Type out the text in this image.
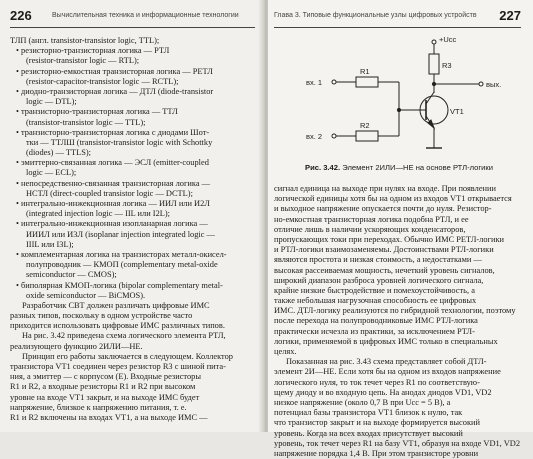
226	Вычислительная техника и информационные технологии
ТЛП (англ. transistor-transistor logic, TTL);
• резисторно-транзисторная логика — РТЛ
(resistor-transistor logic — RTL);
• резисторно-емкостная транзисторная логика — РЕТЛ
(resistor-capacitor-transistor logic — RCTL);
• диодно-транзисторная логика — ДТЛ (diode-transistor
logic — DTL);
• транзисторно-транзисторная логика — ТТЛ
(transistor-transistor logic — TTL);
• транзисторно-транзисторная логика с диодами Шот-
тки — ТТЛШ (transistor-transistor logic with Schottky
(diodes) — TTLS);
• эмиттерно-связанная логика — ЭСЛ (emitter-coupled
logic — ECL);
• непосредственно-связанная транзисторная логика —
НСТЛ (direct-coupled transistor logic — DCTL);
• интегрально-инжекционная логика — ИИЛ или И2Л
(integrated injection logic — IIL или I2L);
• интегрально-инжекционная изопланарная логика —
ИИИЛ или И3Л (isoplanar injection integrated logic —
IIIL или I3L);
• комплементарная логика на транзисторах металл-окисел-
полупроводник — КМОП (complementary metal-oxide
semiconductor — CMOS);
• биполярная КМОП-логика (bipolar complementary metal-
oxide semiconductor — BiCMOS).
Разработчик СВТ должен различать цифровые ИМС
разных типов, поскольку в одном устройстве часто
приходится использовать цифровые ИМС различных типов.
На рис. 3.42 приведена схема логического элемента РТЛ,
реализующего функцию 2ИЛИ—НЕ.
Принцип его работы заключается в следующем. Коллектор
транзистора VT1 соединен через резистор R3 с шиной пита-
ния, а эмиттер — с корпусом (Е). Входные резисторы
R1 и R2, а входные резисторы R1 и R2 при высоком
уровне на входе VT1 закрыт, и на выходе ИМС будет
напряжение, близкое к напряжению питания, т. е.
R1 и R2 включены на входах VT1, а на выходе ИМС —
Глава 3. Типовые функциональные узлы цифровых устройств 227
+Uсс
вх. 1
вх. 2
вых.
R1
R2
R3
VT1
Рис. 3.42. Элемент 2ИЛИ—НЕ на основе РТЛ-логики
сигнал единица на выходе при нулях на входе. При появлении
логической единицы хотя бы на одном из входов VT1 открывается
и выходное напряжение опускается почти до нуля. Резистор-
но-емкостная транзисторная логика подобна РТЛ, и ее
отличие лишь в наличии ускоряющих конденсаторов,
пропускающих токи при переходах. Обычно ИМС РЕТЛ-логики
и РТЛ-логики взаимозаменяемы. Достоинствами РТЛ-логики
являются простота и низкая стоимость, а недостатками —
высокая рассеиваемая мощность, нечеткий уровень сигналов,
широкий диапазон разброса уровней логического сигнала,
крайне низкие быстродействие и помехоустойчивость, а
также небольшая нагрузочная способность ее цифровых
ИМС. ДТЛ-логику реализуются по гибридной технологии, поэтому
после перехода на полупроводниковые ИМС РТЛ-логика
практически исчезла из практики, за исключением РТЛ-
логики, применяемой в цифровых ИМС только в специальных
целях.
Показанная на рис. 3.43 схема представляет собой ДТЛ-
элемент 2И—НЕ. Если хотя бы на одном из входов напряжение
логического нуля, то ток течет через R1 по соответствую-
щему диоду и во входную цепь. На анодах диодов VD1, VD2
низкое напряжение (около 0,7 В при Ucc = 5 В), а
потенциал базы транзистора VT1 близок к нулю, так
что транзистор закрыт и на выходе формируется высокий
уровень. Когда на всех входах присутствует высокий
уровень, ток течет через R1 на базу VT1, образуя на входе VD1, VD2
напряжение порядка 1,4 В. При этом транзисторе уровни
